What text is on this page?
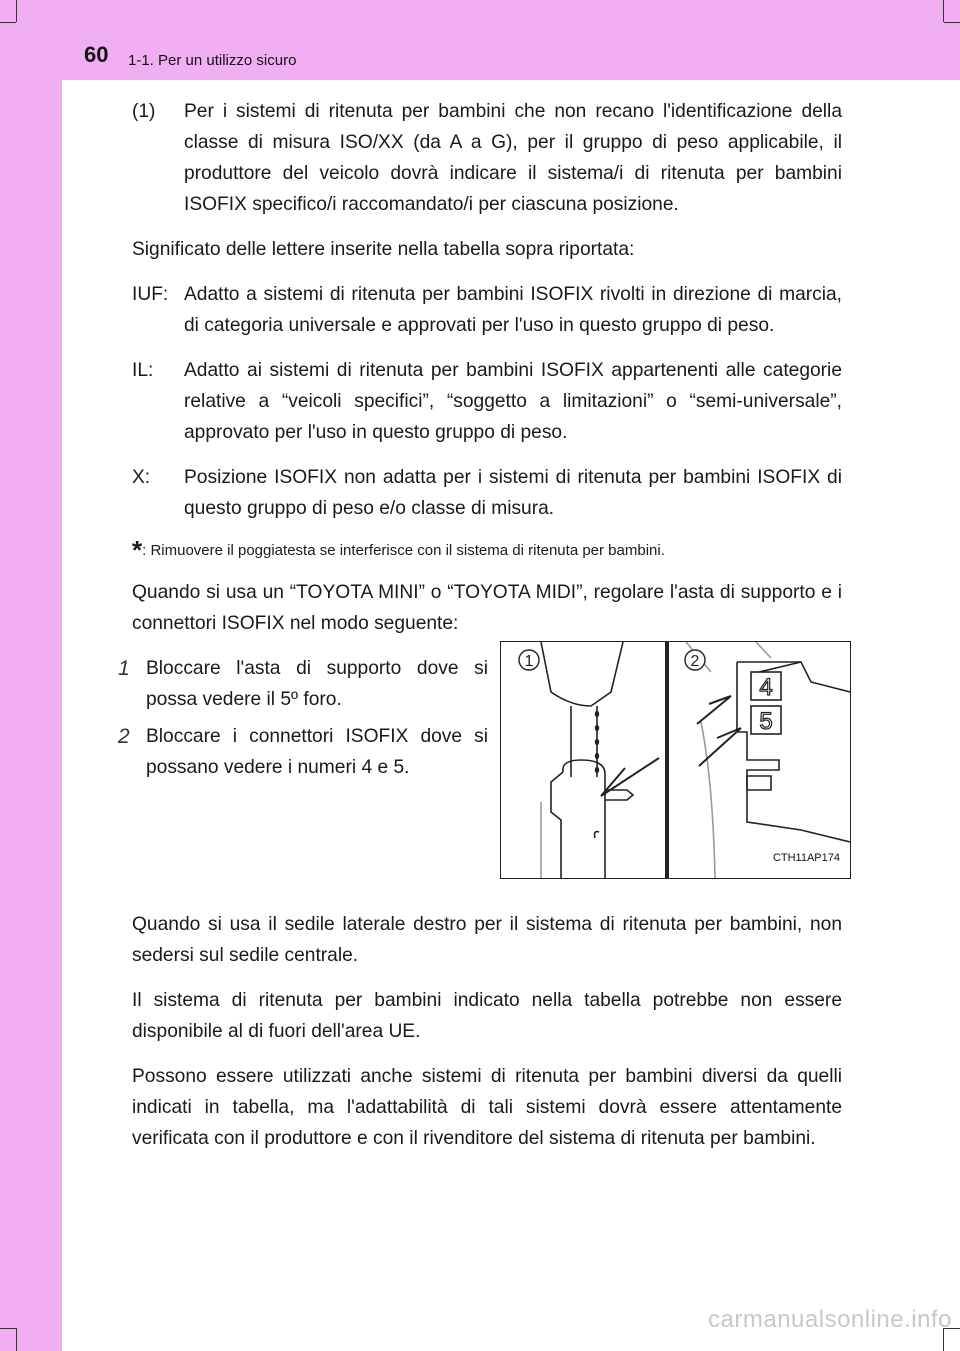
60 1-1. Per un utilizzo sicuro
(1)	Per i sistemi di ritenuta per bambini che non recano l'identificazione della classe di misura ISO/XX (da A a G), per il gruppo di peso applicabile, il produttore del veicolo dovrà indicare il sistema/i di ritenuta per bambini ISOFIX specifico/i raccomandato/i per ciascuna posizione.

Significato delle lettere inserite nella tabella sopra riportata:

IUF: Adatto a sistemi di ritenuta per bambini ISOFIX rivolti in direzione di marcia, di categoria universale e approvati per l'uso in questo gruppo di peso.
IL:	Adatto ai sistemi di ritenuta per bambini ISOFIX appartenenti alle categorie relative a “veicoli specifici”, “soggetto a limitazioni” o “semi-universale”, approvato per l'uso in questo gruppo di peso.
X:	Posizione ISOFIX non adatta per i sistemi di ritenuta per bambini ISOFIX di questo gruppo di peso e/o classe di misura.

*: Rimuovere il poggiatesta se interferisce con il sistema di ritenuta per bambini.

Quando si usa un “TOYOTA MINI” o “TOYOTA MIDI”, regolare l'asta di supporto e i connettori ISOFIX nel modo seguente:

1 Bloccare l'asta di supporto dove si possa vedere il 5º foro.
2 Bloccare i connettori ISOFIX dove si possano vedere i numeri 4 e 5.
1	2
4
5
CTH11AP174

Quando si usa il sedile laterale destro per il sistema di ritenuta per bambini, non sedersi sul sedile centrale.

Il sistema di ritenuta per bambini indicato nella tabella potrebbe non essere disponibile al di fuori dell'area UE.

Possono essere utilizzati anche sistemi di ritenuta per bambini diversi da quelli indicati in tabella, ma l'adattabilità di tali sistemi dovrà essere attentamente verificata con il produttore e con il rivenditore del sistema di ritenuta per bambini.

carmanualsonline.info
